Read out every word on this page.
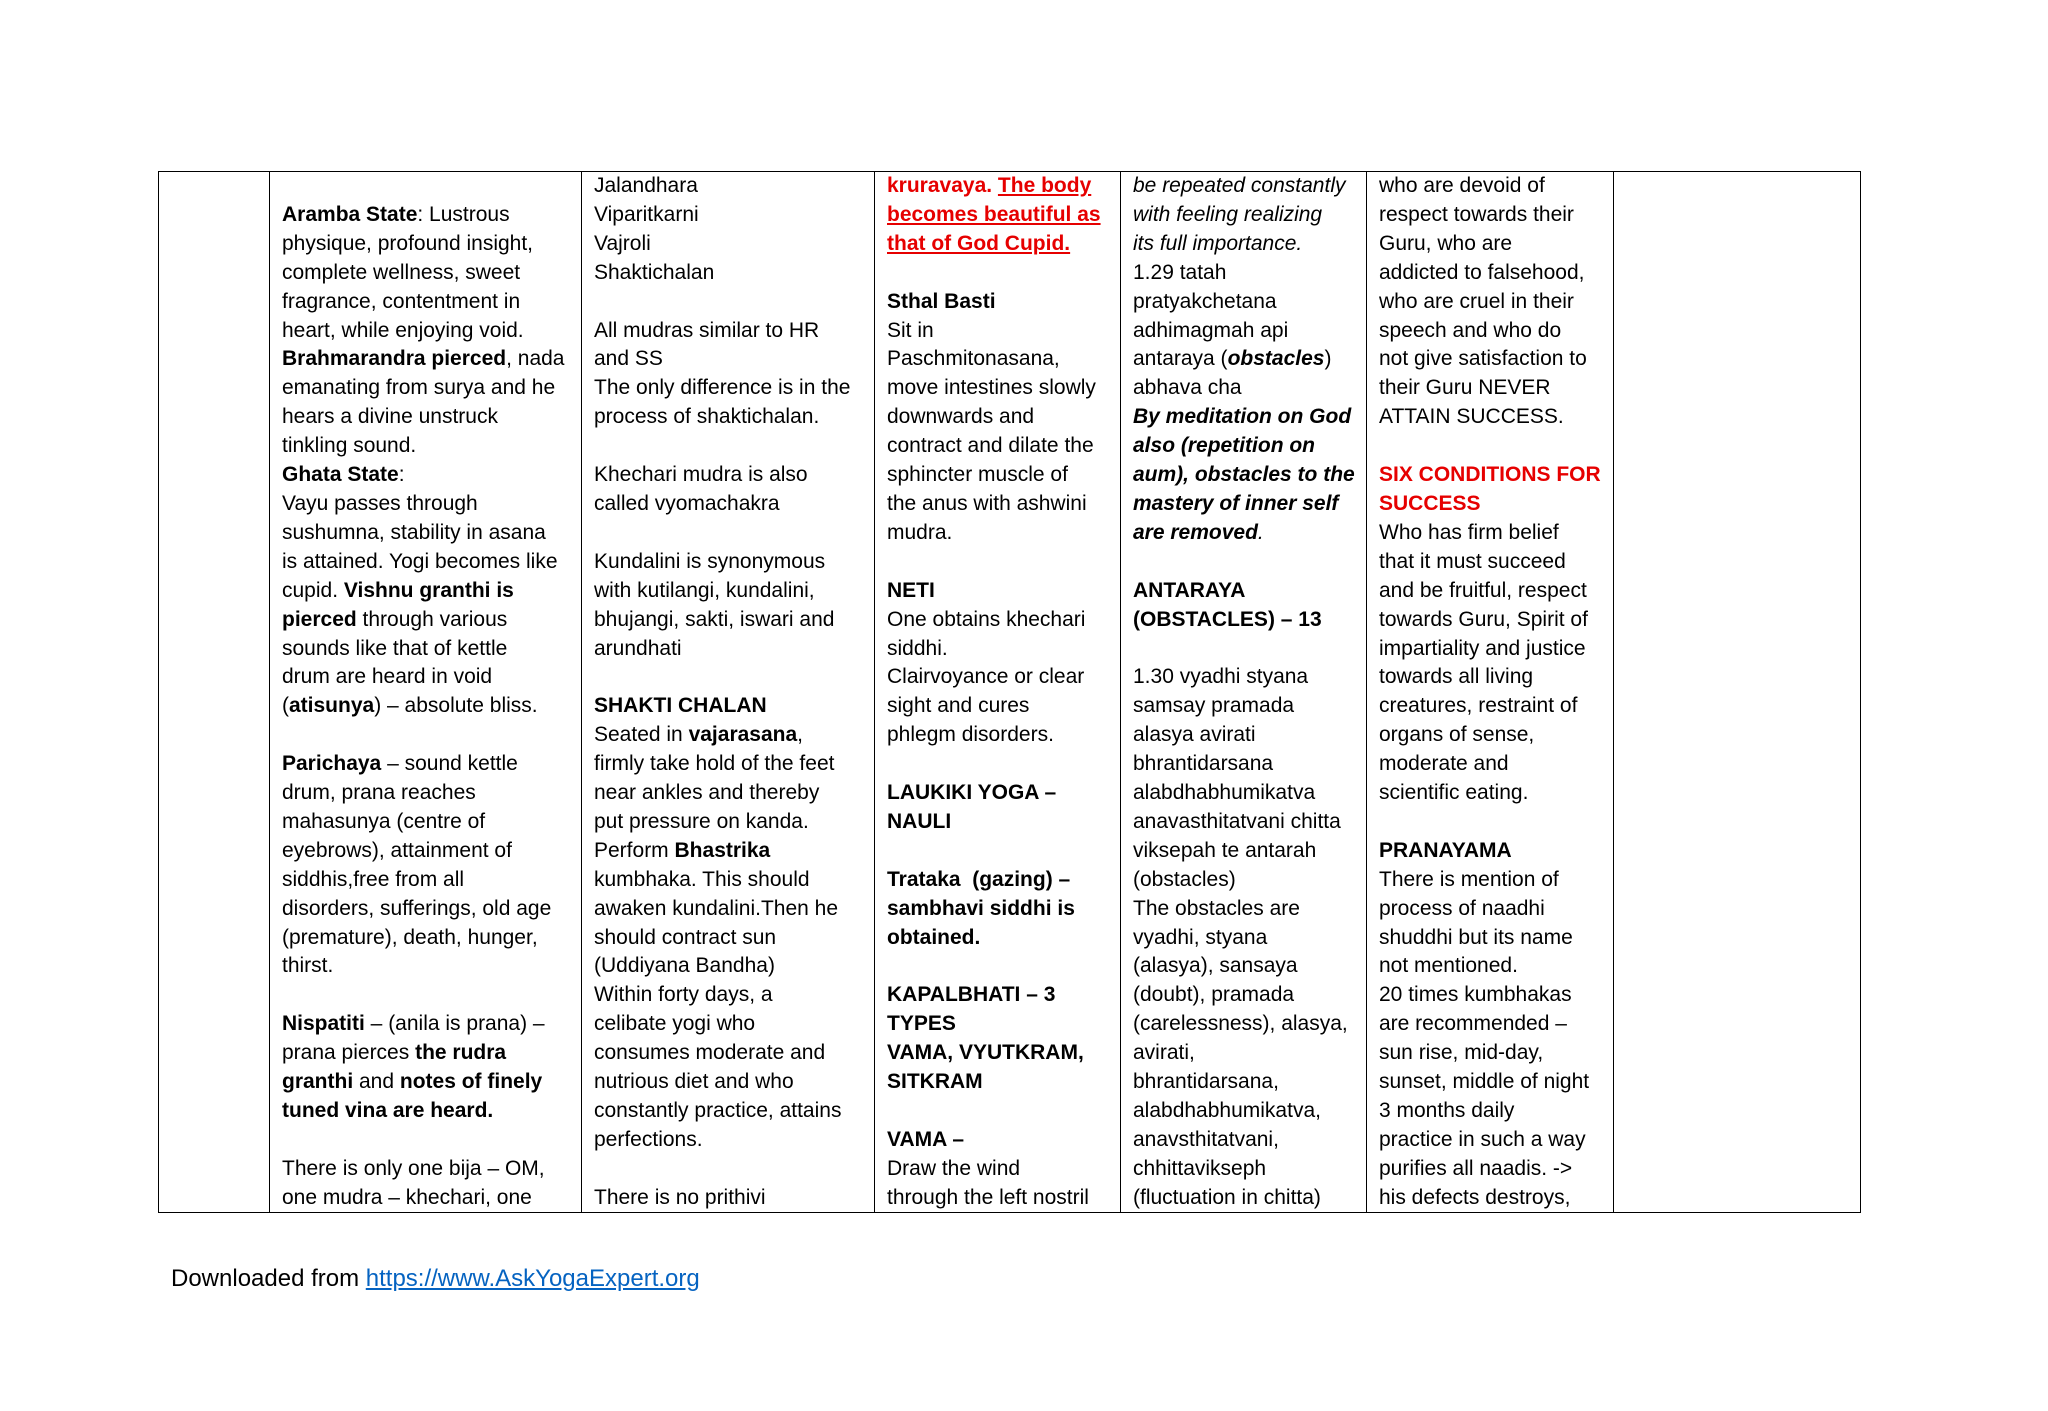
Aramba State: Lustrous
physique, profound insight,
complete wellness, sweet
fragrance, contentment in
heart, while enjoying void.
Brahmarandra pierced, nada
emanating from surya and he
hears a divine unstruck
tinkling sound.
Ghata State:
Vayu passes through
sushumna, stability in asana
is attained. Yogi becomes like
cupid. Vishnu granthi is
pierced through various
sounds like that of kettle
drum are heard in void
(atisunya) – absolute bliss.
Parichaya – sound kettle
drum, prana reaches
mahasunya (centre of
eyebrows), attainment of
siddhis,free from all
disorders, sufferings, old age
(premature), death, hunger,
thirst.
Nispatiti – (anila is prana) –
prana pierces the rudra
granthi and notes of finely
tuned vina are heard.
There is only one bija – OM,
one mudra – khechari, one
Jalandhara
Viparitkarni
Vajroli
Shaktichalan
All mudras similar to HR
and SS
The only difference is in the
process of shaktichalan.
Khechari mudra is also
called vyomachakra
Kundalini is synonymous
with kutilangi, kundalini,
bhujangi, sakti, iswari and
arundhati
SHAKTI CHALAN
Seated in vajarasana,
firmly take hold of the feet
near ankles and thereby
put pressure on kanda.
Perform Bhastrika
kumbhaka. This should
awaken kundalini.Then he
should contract sun
(Uddiyana Bandha)
Within forty days, a
celibate yogi who
consumes moderate and
nutrious diet and who
constantly practice, attains
perfections.
There is no prithivi
kruravaya. The body
becomes beautiful as
that of God Cupid.
Sthal Basti
Sit in
Paschmitonasana,
move intestines slowly
downwards and
contract and dilate the
sphincter muscle of
the anus with ashwini
mudra.
NETI
One obtains khechari
siddhi.
Clairvoyance or clear
sight and cures
phlegm disorders.
LAUKIKI YOGA –
NAULI
Trataka  (gazing) –
sambhavi siddhi is
obtained.
KAPALBHATI – 3
TYPES
VAMA, VYUTKRAM,
SITKRAM
VAMA –
Draw the wind
through the left nostril
be repeated constantly
with feeling realizing
its full importance.
1.29 tatah
pratyakchetana
adhimagmah api
antaraya (obstacles)
abhava cha
By meditation on God
also (repetition on
aum), obstacles to the
mastery of inner self
are removed.
ANTARAYA
(OBSTACLES) – 13
1.30 vyadhi styana
samsay pramada
alasya avirati
bhrantidarsana
alabdhabhumikatva
anavasthitatvani chitta
viksepah te antarah
(obstacles)
The obstacles are
vyadhi, styana
(alasya), sansaya
(doubt), pramada
(carelessness), alasya,
avirati,
bhrantidarsana,
alabdhabhumikatva,
anavsthitatvani,
chhittavikseph
(fluctuation in chitta)
who are devoid of
respect towards their
Guru, who are
addicted to falsehood,
who are cruel in their
speech and who do
not give satisfaction to
their Guru NEVER
ATTAIN SUCCESS.
SIX CONDITIONS FOR
SUCCESS
Who has firm belief
that it must succeed
and be fruitful, respect
towards Guru, Spirit of
impartiality and justice
towards all living
creatures, restraint of
organs of sense,
moderate and
scientific eating.
PRANAYAMA
There is mention of
process of naadhi
shuddhi but its name
not mentioned.
20 times kumbhakas
are recommended –
sun rise, mid-day,
sunset, middle of night
3 months daily
practice in such a way
purifies all naadis. ->
his defects destroys,
Downloaded from https://www.AskYogaExpert.org
